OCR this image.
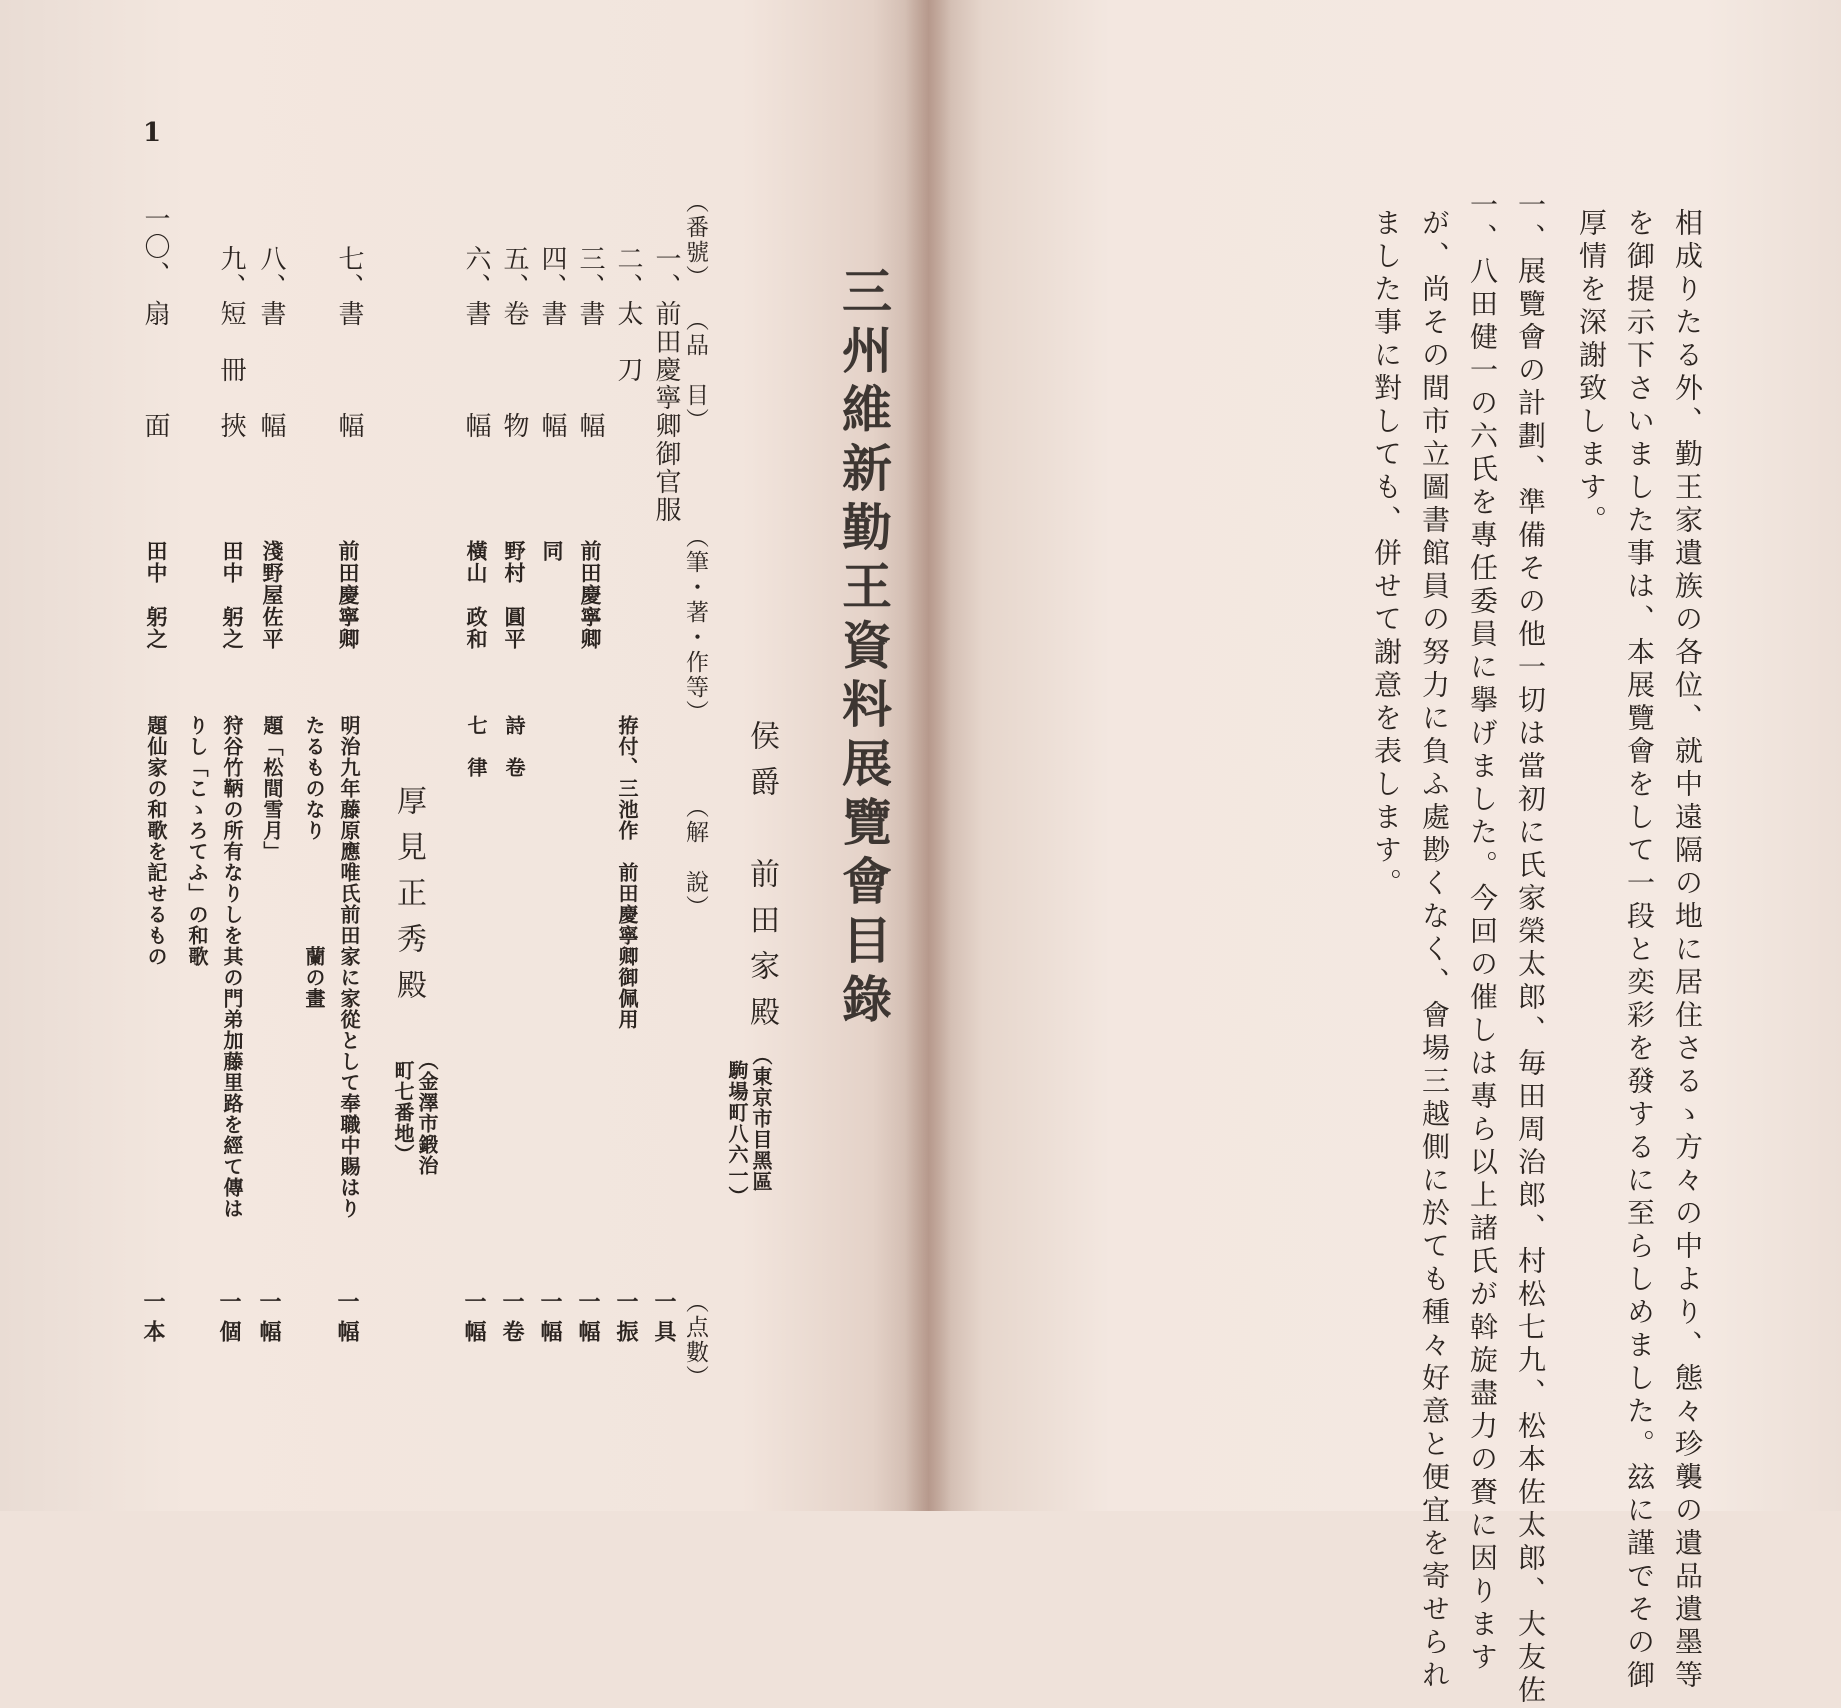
相成りたる外、勤王家遺族の各位、就中遠隔の地に居住さるゝ方々の中より、態々珍襲の遺品遺墨等
を御提示下さいました事は、本展覽會をして一段と奕彩を發するに至らしめました。玆に謹でその御
厚情を深謝致します。
一、展覽會の計劃、準備その他一切は當初に氏家榮太郎、毎田周治郎、村松七九、松本佐太郎、大友佐
一、八田健一の六氏を專任委員に擧げました。今回の催しは專ら以上諸氏が斡旋盡力の賚に因ります
が、尚その間市立圖書館員の努力に負ふ處尠くなく、會場三越側に於ても種々好意と便宜を寄せられ
ました事に對しても、併せて謝意を表します。
1
三州維新勤王資料展覽會目錄
侯爵　前田家殿
（東京市目黑區
駒場町八六一）
（番號）
（品　目）
（筆・著・作等）
（解　說）
（点數）
一、
前田慶寧卿御官服
一具
二、
太　刀
拵付、三池作　前田慶寧卿御佩用
一振
三、
書　　　幅
前田慶寧卿
一幅
四、
書　　　幅
同
一幅
五、
卷　　　物
野村　圓平
詩　卷
一卷
六、
書　　　幅
橫山　政和
七　律
一幅
厚見正秀殿
（金澤市鍛治
町七番地）
七、
書　　　幅
前田慶寧卿
明治九年藤原應唯氏前田家に家從として奉職中賜はり
たるものなり　　　　　蘭の畫
一幅
八、
書　　　幅
淺野屋佐平
題「松間雪月」
一幅
九、
短　冊　挾
田中　躬之
狩谷竹鞆の所有なりしを其の門弟加藤里路を經て傳は
りし「こゝろてふ」の和歌
一個
一〇、
扇　　　面
田中　躬之
題仙家の和歌を記せるもの
一本
